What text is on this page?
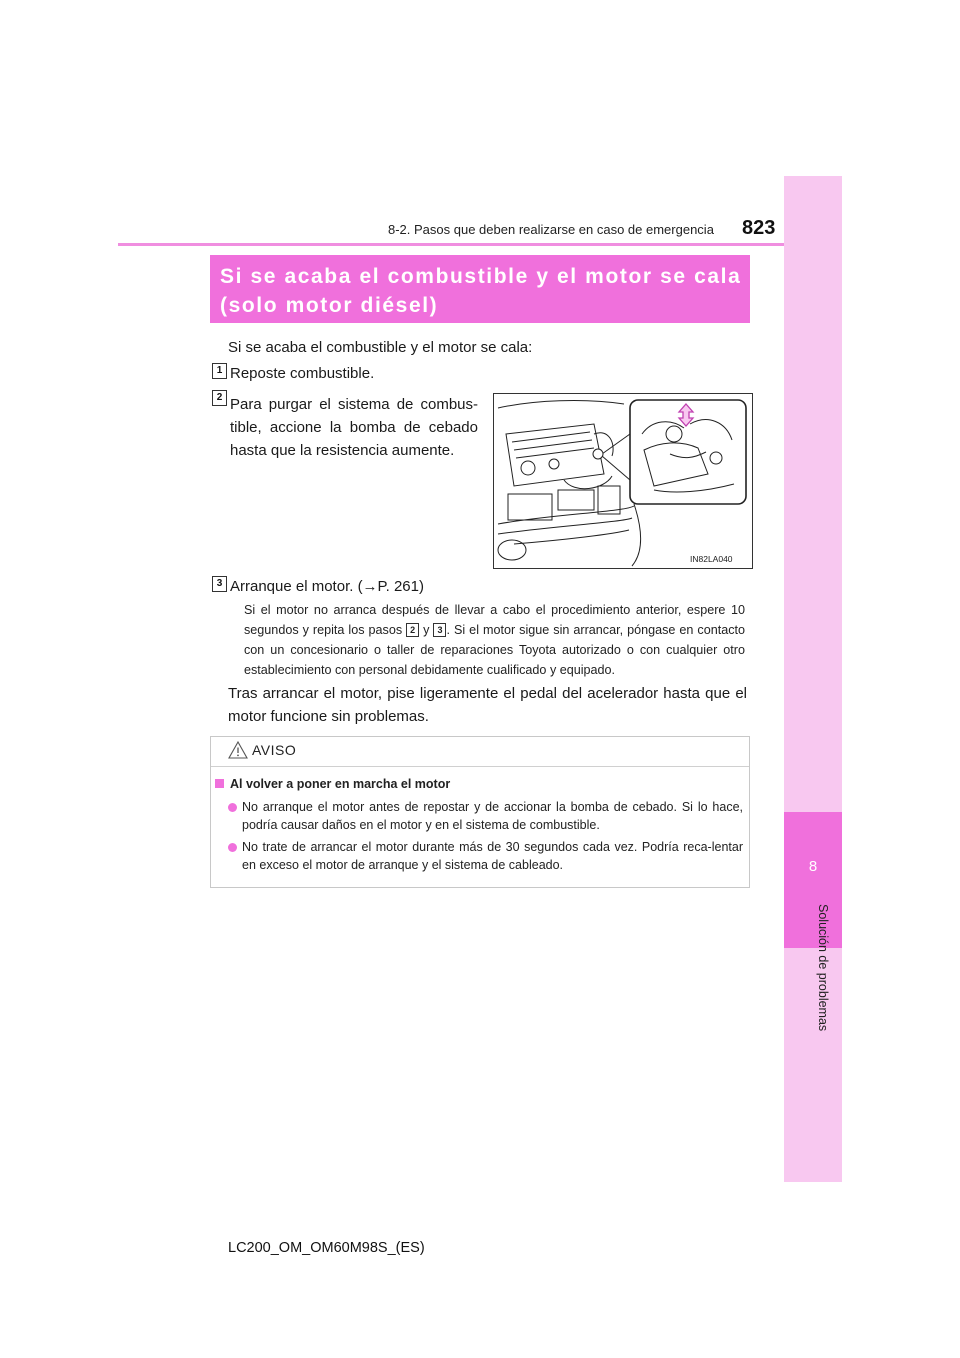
8
Solución de problemas
8-2. Pasos que deben realizarse en caso de emergencia 823
Si se acaba el combustible y el motor se cala
(solo motor diésel)
Si se acaba el combustible y el motor se cala:
1 Reposte combustible.
2 Para purgar el sistema de combus-tible, accione la bomba de cebado hasta que la resistencia aumente.
IN82LA040
3 Arranque el motor. (→P. 261)
Si el motor no arranca después de llevar a cabo el procedimiento anterior, espere 10 segundos y repita los pasos 2 y 3 . Si el motor sigue sin arrancar, póngase en contacto con un concesionario o taller de reparaciones Toyota autorizado o con cualquier otro establecimiento con personal debidamente cualificado y equipado.
Tras arrancar el motor, pise ligeramente el pedal del acelerador hasta que el motor funcione sin problemas.
AVISO
Al volver a poner en marcha el motor
No arranque el motor antes de repostar y de accionar la bomba de cebado. Si lo hace, podría causar daños en el motor y en el sistema de combustible.
No trate de arrancar el motor durante más de 30 segundos cada vez. Podría reca-lentar en exceso el motor de arranque y el sistema de cableado.
LC200_OM_OM60M98S_(ES)
